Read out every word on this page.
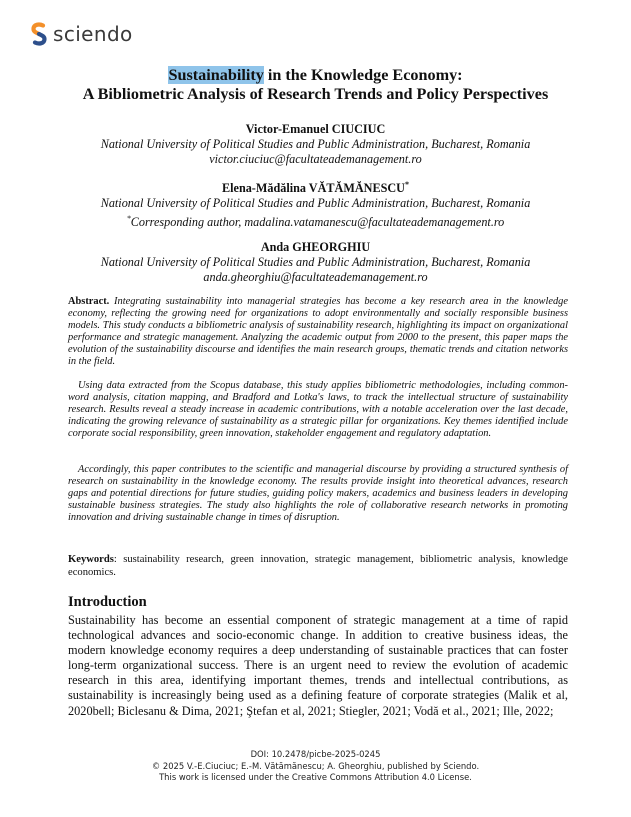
sciendo
Sustainability in the Knowledge Economy:
A Bibliometric Analysis of Research Trends and Policy Perspectives
Victor-Emanuel CIUCIUC
National University of Political Studies and Public Administration, Bucharest, Romania
victor.ciuciuc@facultateademanagement.ro
Elena-Mădălina VĂTĂMĂNESCU*
National University of Political Studies and Public Administration, Bucharest, Romania
*Corresponding author, madalina.vatamanescu@facultateademanagement.ro
Anda GHEORGHIU
National University of Political Studies and Public Administration, Bucharest, Romania
anda.gheorghiu@facultateademanagement.ro

Abstract. Integrating sustainability into managerial strategies has become a key research area in the knowledge economy, reflecting the growing need for organizations to adopt environmentally and socially responsible business models. This study conducts a bibliometric analysis of sustainability research, highlighting its impact on organizational performance and strategic management. Analyzing the academic output from 2000 to the present, this paper maps the evolution of the sustainability discourse and identifies the main research groups, thematic trends and citation networks in the field.

Using data extracted from the Scopus database, this study applies bibliometric methodologies, including common-word analysis, citation mapping, and Bradford and Lotka's laws, to track the intellectual structure of sustainability research. Results reveal a steady increase in academic contributions, with a notable acceleration over the last decade, indicating the growing relevance of sustainability as a strategic pillar for organizations. Key themes identified include corporate social responsibility, green innovation, stakeholder engagement and regulatory adaptation.

Accordingly, this paper contributes to the scientific and managerial discourse by providing a structured synthesis of research on sustainability in the knowledge economy. The results provide insight into theoretical advances, research gaps and potential directions for future studies, guiding policy makers, academics and business leaders in developing sustainable business strategies. The study also highlights the role of collaborative research networks in promoting innovation and driving sustainable change in times of disruption.

Keywords: sustainability research, green innovation, strategic management, bibliometric analysis, knowledge economics.

Introduction

Sustainability has become an essential component of strategic management at a time of rapid technological advances and socio-economic change. In addition to creative business ideas, the modern knowledge economy requires a deep understanding of sustainable practices that can foster long-term organizational success. There is an urgent need to review the evolution of academic research in this area, identifying important themes, trends and intellectual contributions, as sustainability is increasingly being used as a defining feature of corporate strategies (Malik et al, 2020bell; Biclesanu & Dima, 2021; Ştefan et al, 2021; Stiegler, 2021; Vodă et al., 2021; Ille, 2022;

DOI: 10.2478/picbe-2025-0245
© 2025 V.-E.Ciuciuc; E.-M. Vătămănescu; A. Gheorghiu, published by Sciendo.
This work is licensed under the Creative Commons Attribution 4.0 License.
